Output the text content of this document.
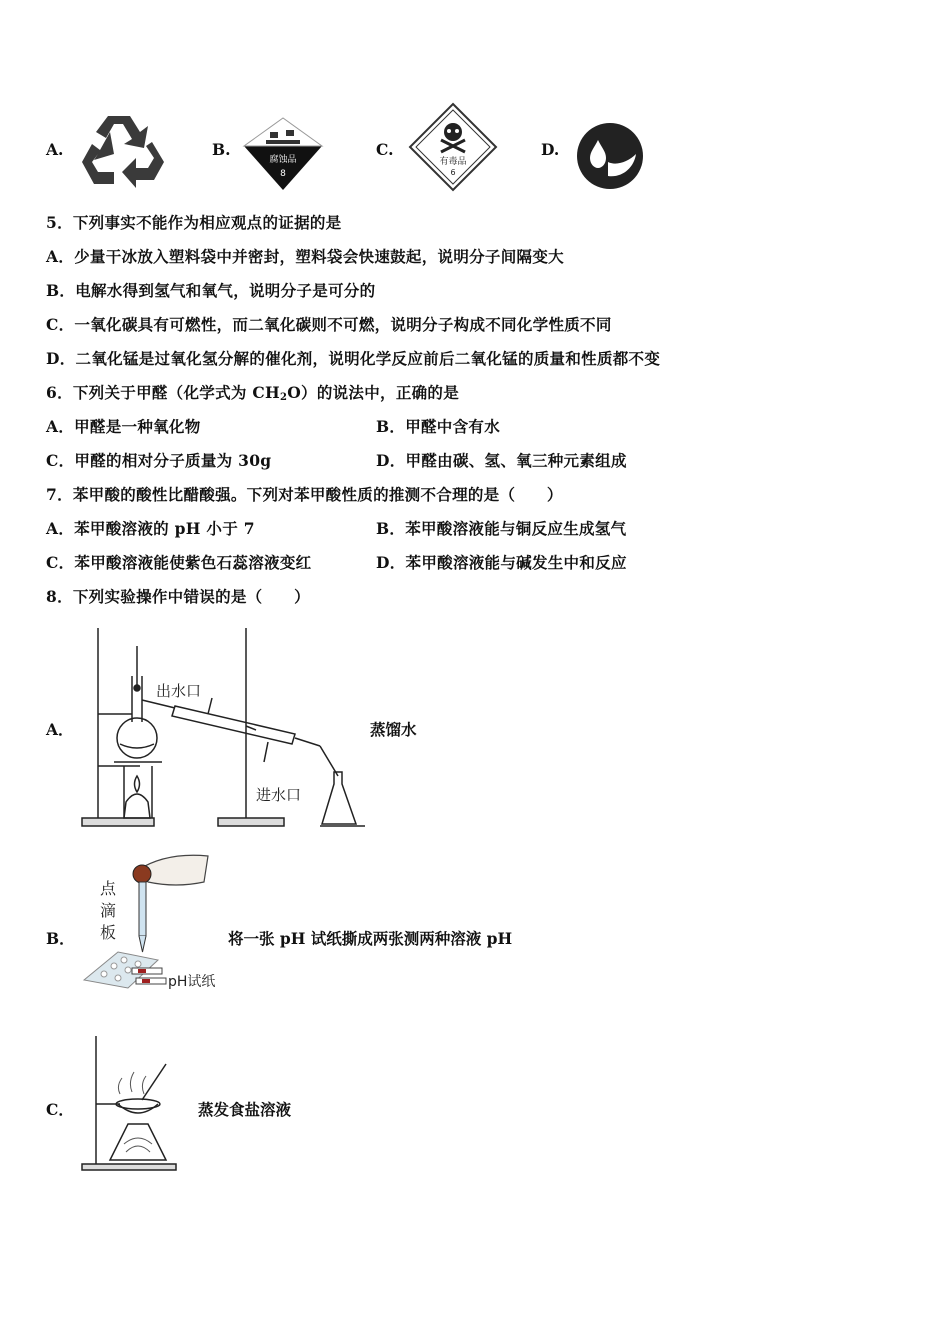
A.	B.
腐蚀品
8
C.
有毒品
6
D.
5．下列事实不能作为相应观点的证据的是
A．少量干冰放入塑料袋中并密封，塑料袋会快速鼓起，说明分子间隔变大
B．电解水得到氢气和氧气，说明分子是可分的
C．一氧化碳具有可燃性，而二氧化碳则不可燃，说明分子构成不同化学性质不同
D．二氧化锰是过氧化氢分解的催化剂，说明化学反应前后二氧化锰的质量和性质都不变
6．下列关于甲醛（化学式为 $CH_2O$）的说法中，正确的是
A．甲醛是一种氧化物	B．甲醛中含有水
C．甲醛的相对分子质量为 30g	D．甲醛由碳、氢、氧三种元素组成
7．苯甲酸的酸性比醋酸强。下列对苯甲酸性质的推测不合理的是（　　）
A．苯甲酸溶液的 pH 小于 7	B．苯甲酸溶液能与铜反应生成氢气
C．苯甲酸溶液能使紫色石蕊溶液变红	D．苯甲酸溶液能与碱发生中和反应
8．下列实验操作中错误的是（　　）
A．
出水口
进水口
蒸馏水
B．
点
滴
板
pH试纸
将一张 pH 试纸撕成两张测两种溶液 pH
C．	蒸发食盐溶液
